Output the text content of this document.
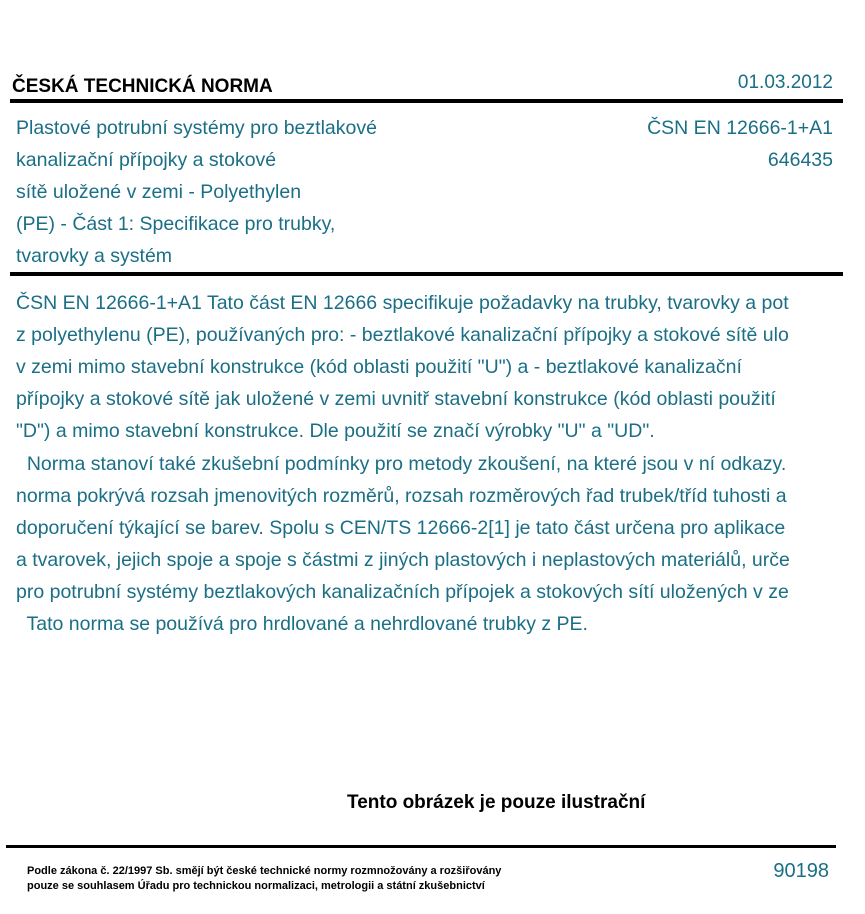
ČESKÁ TECHNICKÁ NORMA	01.03.2012
Plastové potrubní systémy pro beztlakové
kanalizační přípojky a stokové
sítě uložené v zemi - Polyethylen
(PE) - Část 1: Specifikace pro trubky,
tvarovky a systém
ČSN EN 12666-1+A1
646435
ČSN EN 12666-1+A1 Tato část EN 12666 specifikuje požadavky na trubky, tvarovky a pot
z polyethylenu (PE), používaných pro: - beztlakové kanalizační přípojky a stokové sítě ulo
v zemi mimo stavební konstrukce (kód oblasti použití "U") a - beztlakové kanalizační
přípojky a stokové sítě jak uložené v zemi uvnitř stavební konstrukce (kód oblasti použití
"D") a mimo stavební konstrukce. Dle použití se značí výrobky "U" a "UD".
Norma stanoví také zkušební podmínky pro metody zkoušení, na které jsou v ní odkazy.
norma pokrývá rozsah jmenovitých rozměrů, rozsah rozměrových řad trubek/tříd tuhosti a
doporučení týkající se barev. Spolu s CEN/TS 12666-2[1] je tato část určena pro aplikace
a tvarovek, jejich spoje a spoje s částmi z jiných plastových i neplastových materiálů, urče
pro potrubní systémy beztlakových kanalizačních přípojek a stokových sítí uložených v ze
Tato norma se používá pro hrdlované a nehrdlované trubky z PE.
Tento obrázek je pouze ilustrační
Podle zákona č. 22/1997 Sb. smějí být české technické normy rozmnožovány a rozšiřovány
pouze se souhlasem Úřadu pro technickou normalizaci, metrologii a státní zkušebnictví
90198
